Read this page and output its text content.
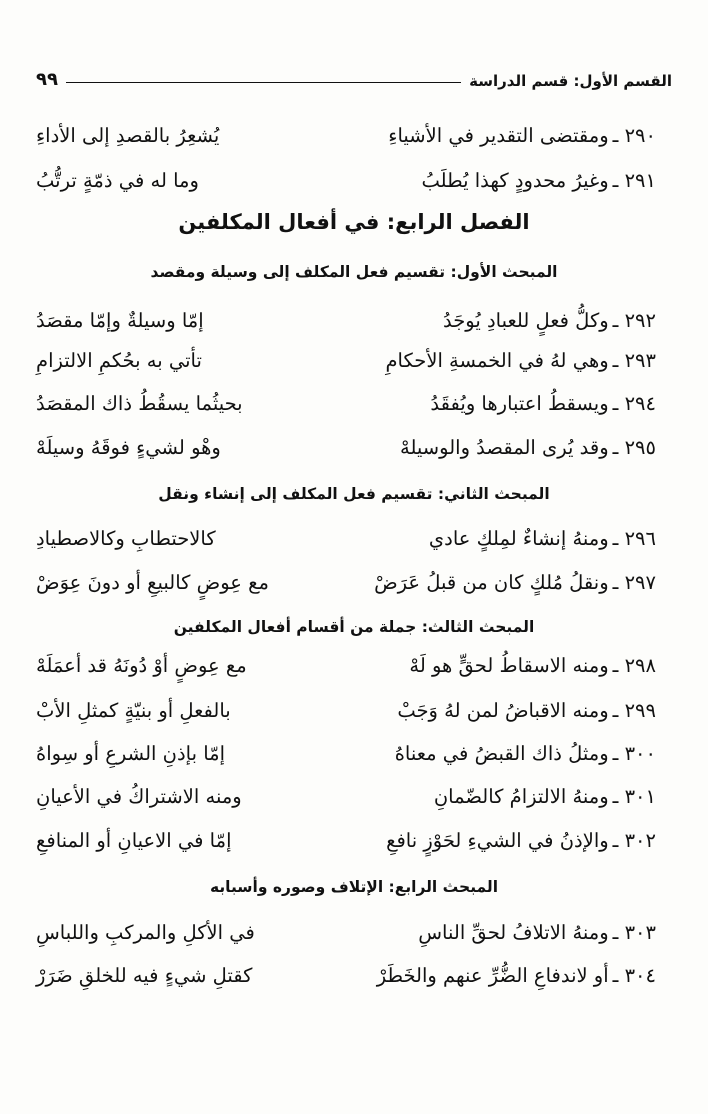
القسم الأول: قسم الدراسة
٩٩
٢٩٠ ـ
ومقتضى التقدير في الأشياءِ
يُشعِرُ بالقصدِ إلى الأداءِ
٢٩١ ـ
وغيرُ محدودٍ كهذا يُطلَبُ
وما له في ذمّةٍ ترتُّبُ
الفصل الرابع: في أفعال المكلفين
المبحث الأول: تقسيم فعل المكلف إلى وسيلة ومقصد
٢٩٢ ـ
وكلُّ فعلٍ للعبادِ يُوجَدُ
إمّا وسيلةٌ وإمّا مقصَدُ
٢٩٣ ـ
وهي لهُ في الخمسةِ الأحكامِ
تأتي به بحُكمِ الالتزامِ
٢٩٤ ـ
ويسقطُ اعتبارها ويُفقَدُ
بحيثُما يسقُطُ ذاك المقصَدُ
٢٩٥ ـ
وقد يُرى المقصدُ والوسيلهْ
وهْو لشيءٍ فوقَهُ وسيلَهْ
المبحث الثاني: تقسيم فعل المكلف إلى إنشاء ونقل
٢٩٦ ـ
ومنهُ إنشاءٌ لمِلكٍ عادي
كالاحتطابِ وكالاصطيادِ
٢٩٧ ـ
ونقلُ مُلكٍ كان من قبلُ عَرَضْ
مع عِوضٍ كالبيعِ أو دونَ عِوَضْ
المبحث الثالث: جملة من أقسام أفعال المكلفين
٢٩٨ ـ
ومنه الاسقاطُ لحقٍّ هو لَهْ
مع عِوضٍ أوْ دُونَهُ قد أعمَلَهْ
٢٩٩ ـ
ومنه الاقباضُ لمن لهُ وَجَبْ
بالفعلِ أو بنيّةٍ كمثلِ الأبْ
٣٠٠ ـ
ومثلُ ذاك القبضُ في معناهُ
إمّا بإذنِ الشرعِ أو سِواهُ
٣٠١ ـ
ومنهُ الالتزامُ كالضّمانِ
ومنه الاشتراكُ في الأعيانِ
٣٠٢ ـ
والإذنُ في الشيءِ لحَوْزٍ نافعِ
إمّا في الاعيانِ أو المنافعِ
المبحث الرابع: الإتلاف وصوره وأسبابه
٣٠٣ ـ
ومنهُ الاتلافُ لحقِّ الناسِ
في الأكلِ والمركبِ واللباسِ
٣٠٤ ـ
أو لاندفاعِ الضُّرِّ عنهم والخَطَرْ
كقتلِ شيءٍ فيه للخلقِ ضَرَرْ
